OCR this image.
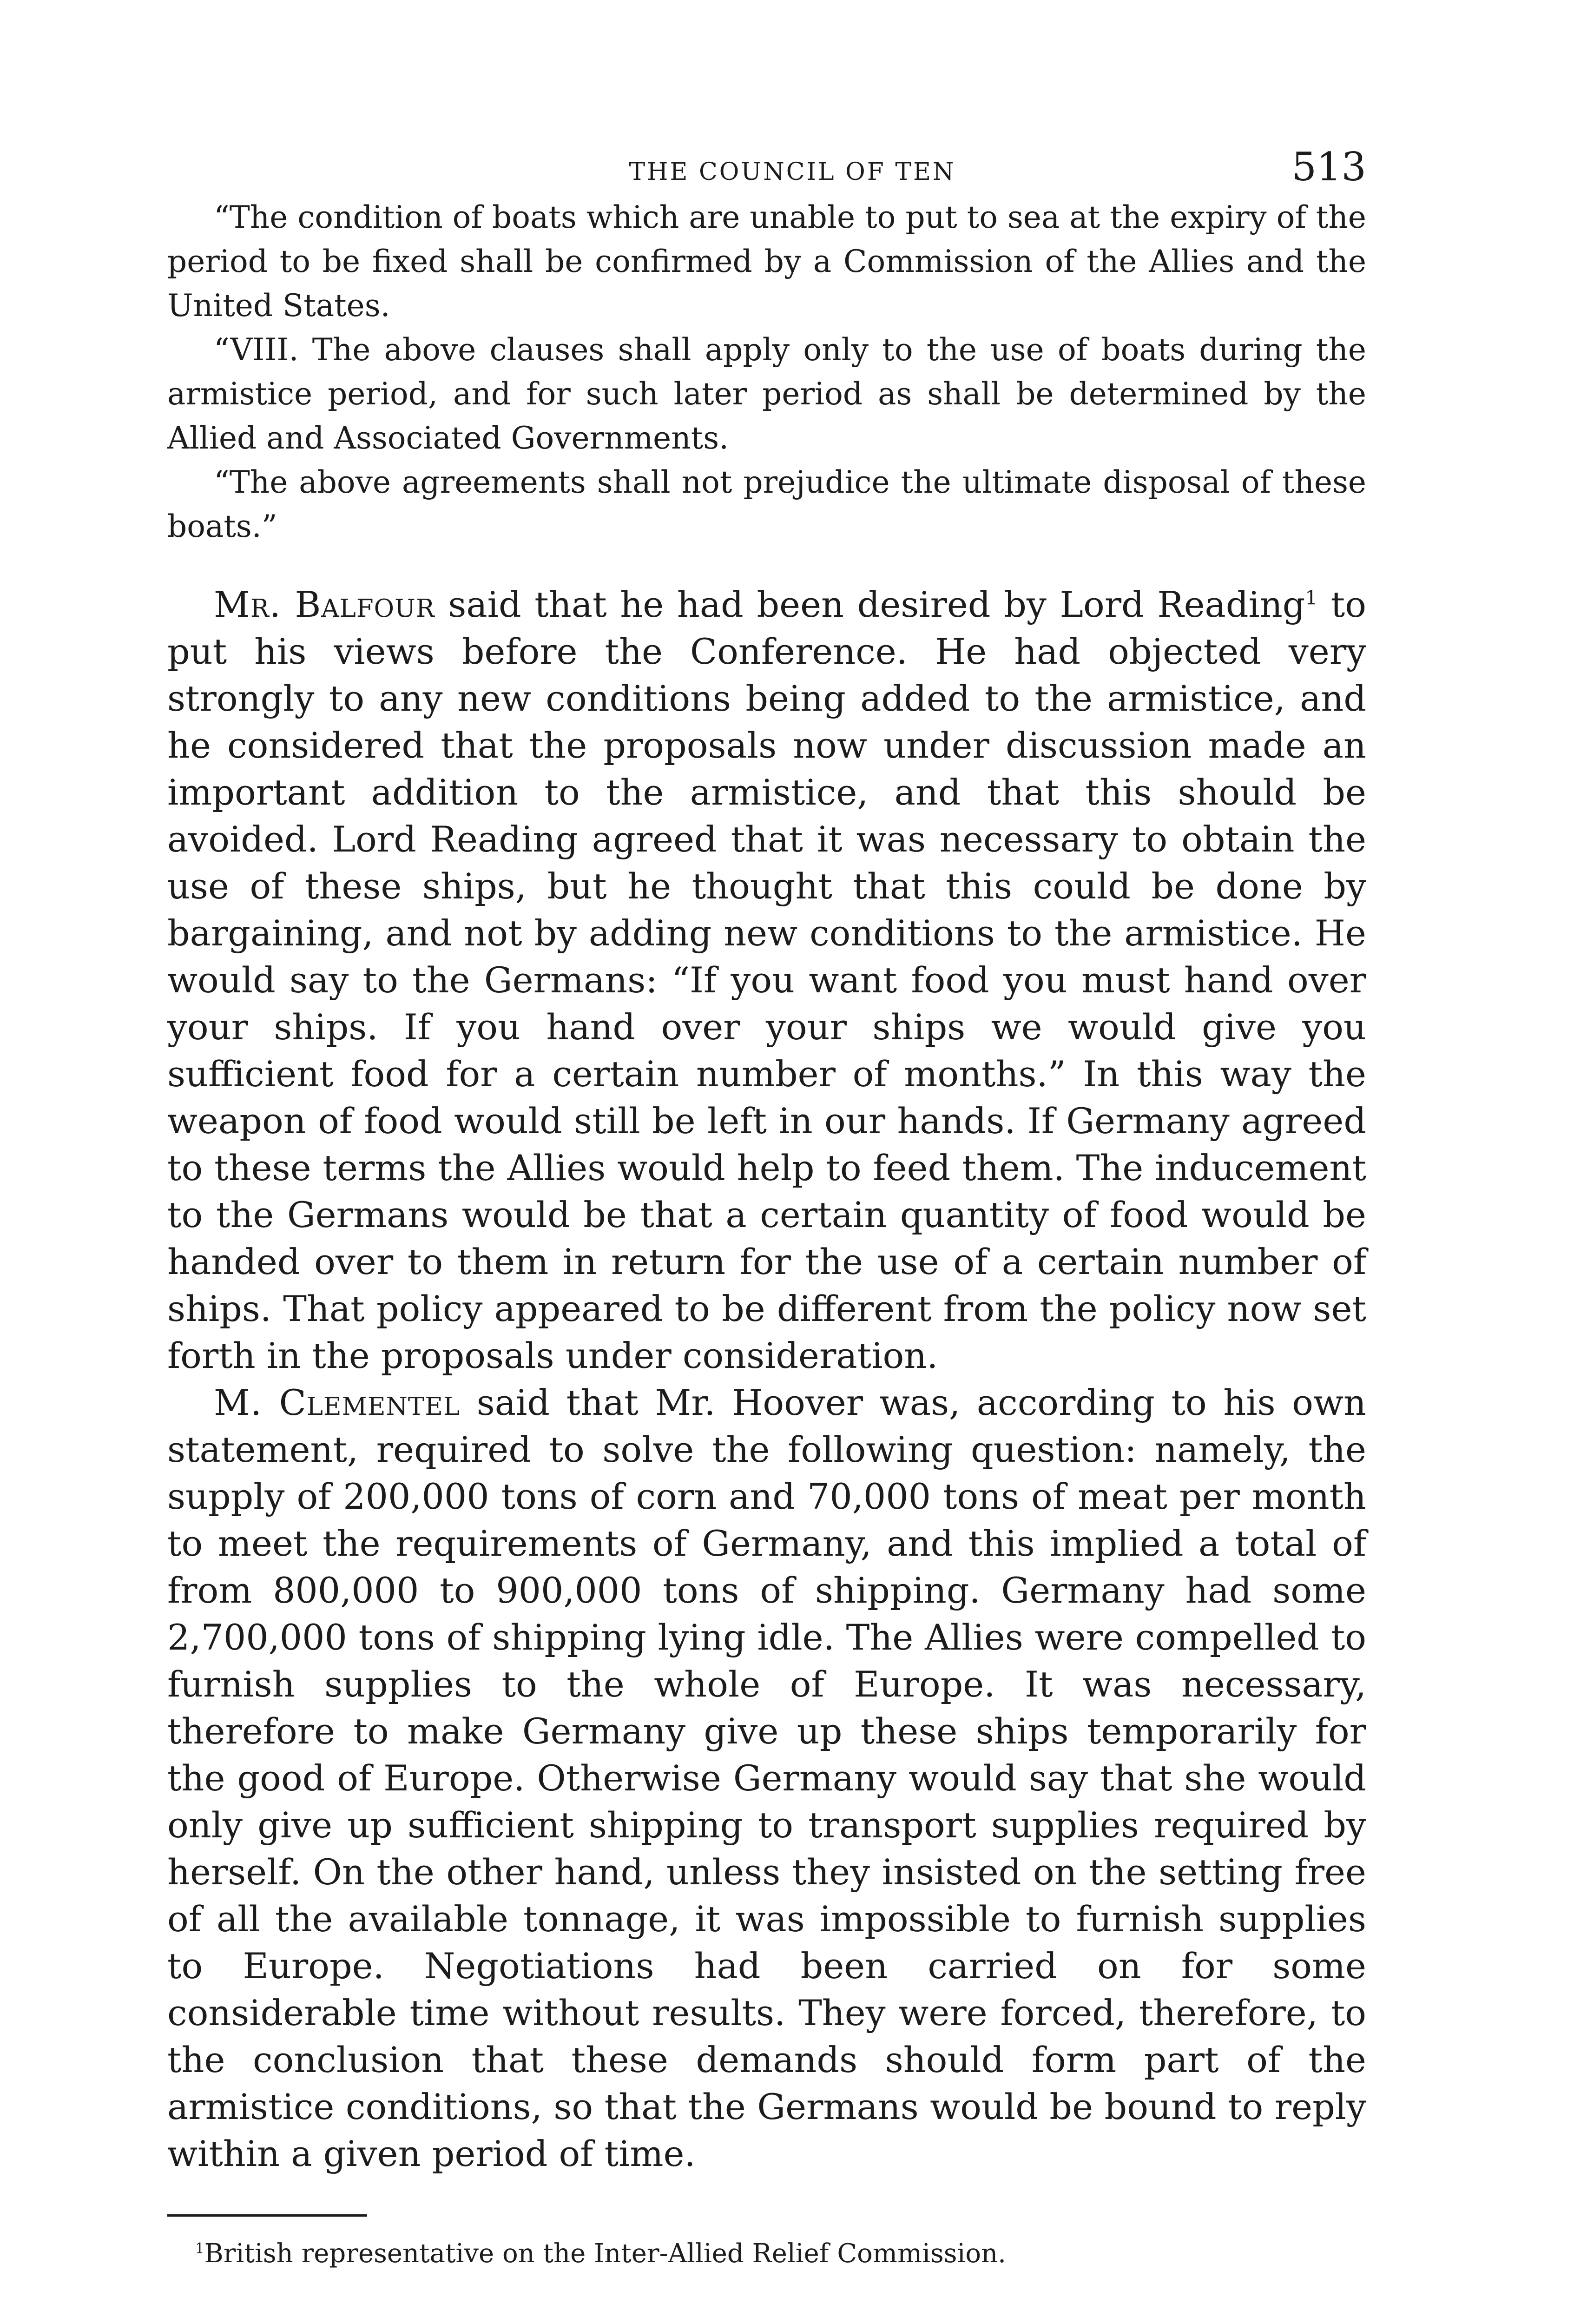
THE COUNCIL OF TEN	513

“The condition of boats which are unable to put to sea at the expiry of the period to be fixed shall be confirmed by a Commission of the Allies and the United States.

“VIII. The above clauses shall apply only to the use of boats during the armistice period, and for such later period as shall be determined by the Allied and Associated Governments.

“The above agreements shall not prejudice the ultimate disposal of these boats.”

Mr. Balfour said that he had been desired by Lord Reading$^1$ to put his views before the Conference. He had objected very strongly to any new conditions being added to the armistice, and he considered that the proposals now under discussion made an important addition to the armistice, and that this should be avoided. Lord Reading agreed that it was necessary to obtain the use of these ships, but he thought that this could be done by bargaining, and not by adding new conditions to the armistice. He would say to the Germans: “If you want food you must hand over your ships. If you hand over your ships we would give you sufficient food for a certain number of months.” In this way the weapon of food would still be left in our hands. If Germany agreed to these terms the Allies would help to feed them. The inducement to the Germans would be that a certain quantity of food would be handed over to them in return for the use of a certain number of ships. That policy appeared to be different from the policy now set forth in the proposals under consideration.

M. Clementel said that Mr. Hoover was, according to his own statement, required to solve the following question: namely, the supply of 200,000 tons of corn and 70,000 tons of meat per month to meet the requirements of Germany, and this implied a total of from 800,000 to 900,000 tons of shipping. Germany had some 2,700,000 tons of shipping lying idle. The Allies were compelled to furnish supplies to the whole of Europe. It was necessary, therefore to make Germany give up these ships temporarily for the good of Europe. Otherwise Germany would say that she would only give up sufficient shipping to transport supplies required by herself. On the other hand, unless they insisted on the setting free of all the available tonnage, it was impossible to furnish supplies to Europe. Negotiations had been carried on for some considerable time without results. They were forced, therefore, to the conclusion that these demands should form part of the armistice conditions, so that the Germans would be bound to reply within a given period of time.

$^1$British representative on the Inter-Allied Relief Commission.
